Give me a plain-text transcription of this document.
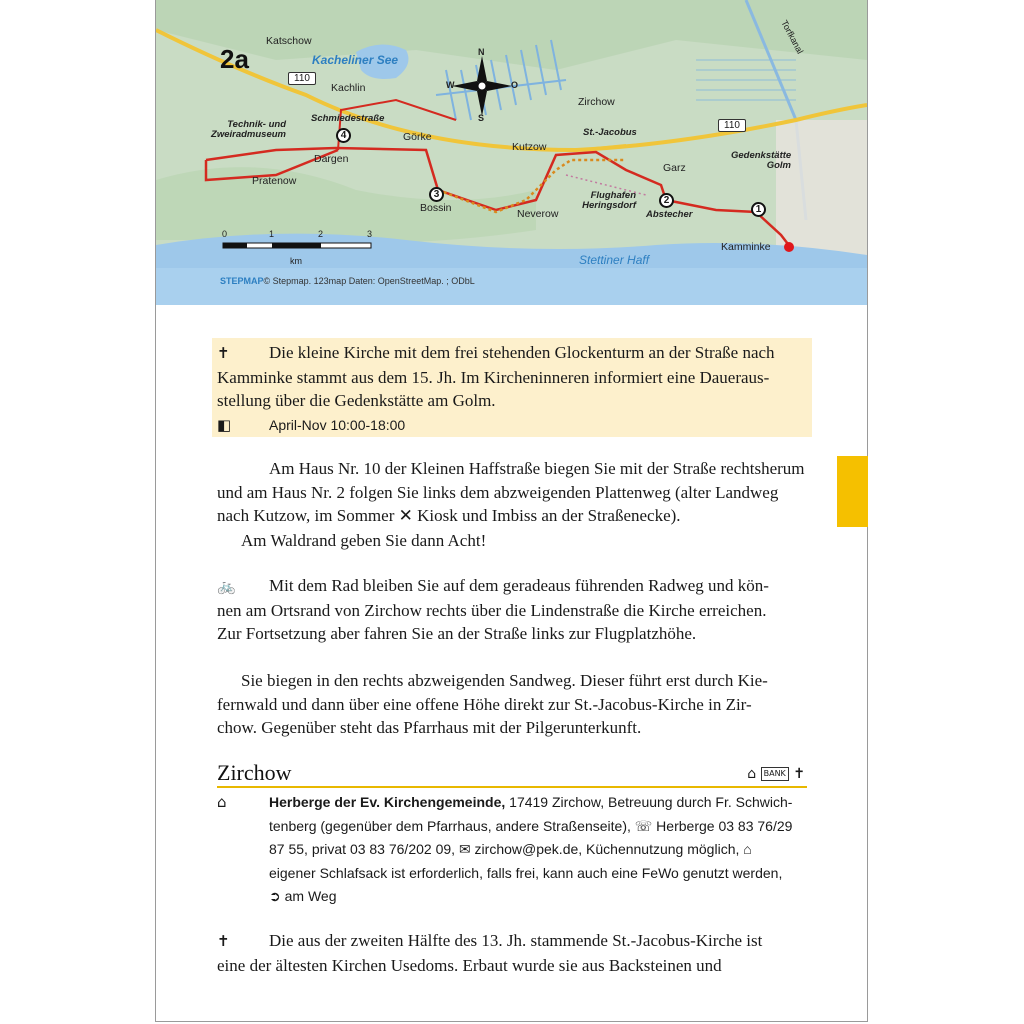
2a
Katschow
Kacheliner See
Kachlin
110
110
N
S
W	O
Zirchow
St.-Jacobus
Torfkanal
Technik- und Zweiradmuseum
Schmiedestraße
Görke
Kutzow
Gedenkstätte Golm
Garz
Dargen
Pratenow
Bossin	Neverow
Flughafen Heringsdorf
Abstecher
Kamminke
Stettiner Haff
1
2
3
4
0	1	2	3
km
STEPMAP© Stepmap. 123map Daten: OpenStreetMap. ; ODbL
✝ Die kleine Kirche mit dem frei stehenden Glockenturm an der Straße nach
Kamminke stammt aus dem 15. Jh. Im Kircheninneren informiert eine Daueraus-
stellung über die Gedenkstätte am Golm.
◧	April-Nov 10:00-18:00
Am Haus Nr. 10 der Kleinen Haffstraße biegen Sie mit der Straße rechtsherum
und am Haus Nr. 2 folgen Sie links dem abzweigenden Plattenweg (alter Landweg
nach Kutzow, im Sommer ✕ Kiosk und Imbiss an der Straßenecke).
Am Waldrand geben Sie dann Acht!
🚲 Mit dem Rad bleiben Sie auf dem geradeaus führenden Radweg und kön-
nen am Ortsrand von Zirchow rechts über die Lindenstraße die Kirche erreichen.
Zur Fortsetzung aber fahren Sie an der Straße links zur Flugplatzhöhe.
Sie biegen in den rechts abzweigenden Sandweg. Dieser führt erst durch Kie-
fernwald und dann über eine offene Höhe direkt zur St.-Jacobus-Kirche in Zir-
chow. Gegenüber steht das Pfarrhaus mit der Pilgerunterkunft.
Zirchow	⌂ BANK ✝
⌂	Herberge der Ev. Kirchengemeinde, 17419 Zirchow, Betreuung durch Fr. Schwich-
tenberg (gegenüber dem Pfarrhaus, andere Straßenseite), ☏ Herberge 03 83 76/29
87 55, privat 03 83 76/202 09, ✉ zirchow@pek.de, Küchennutzung möglich, ⌂
eigener Schlafsack ist erforderlich, falls frei, kann auch eine FeWo genutzt werden,
➲ am Weg
✝ Die aus der zweiten Hälfte des 13. Jh. stammende St.-Jacobus-Kirche ist
eine der ältesten Kirchen Usedoms. Erbaut wurde sie aus Backsteinen und
